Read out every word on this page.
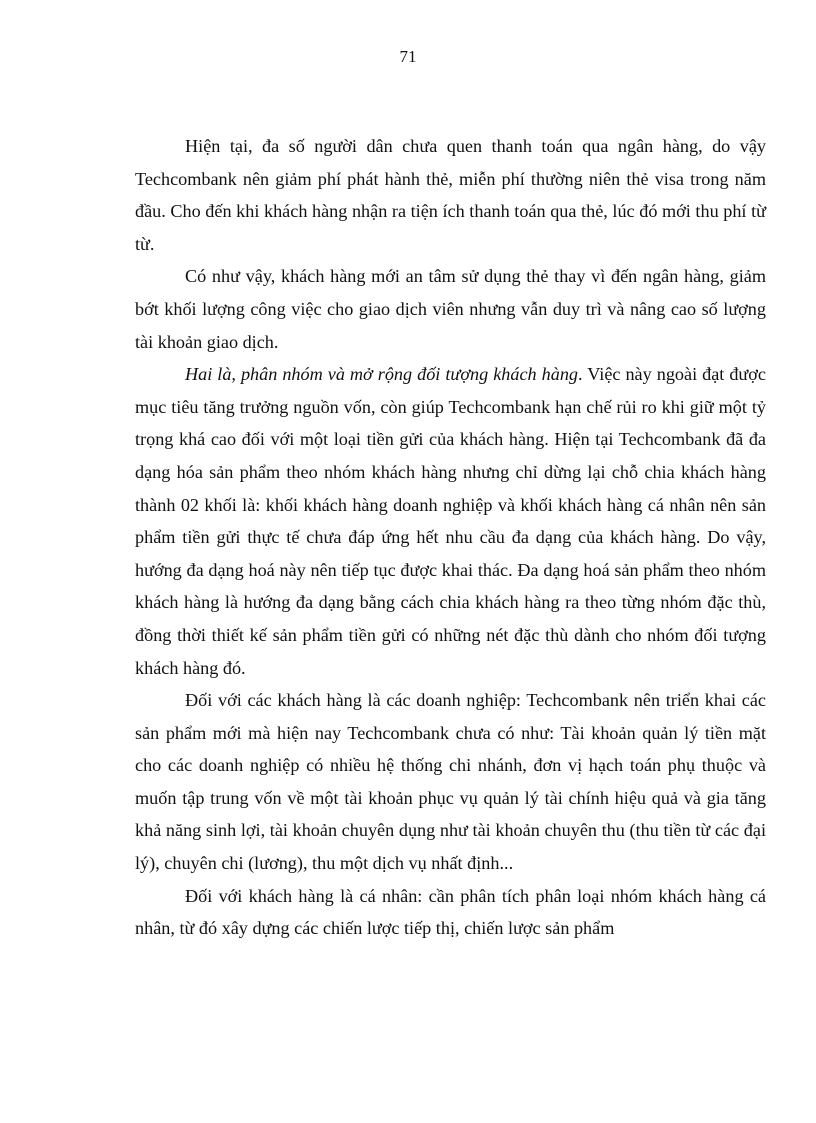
71

Hiện tại, đa số người dân chưa quen thanh toán qua ngân hàng, do vậy Techcombank nên giảm phí phát hành thẻ, miễn phí thường niên thẻ visa trong năm đầu. Cho đến khi khách hàng nhận ra tiện ích thanh toán qua thẻ, lúc đó mới thu phí từ từ.

Có như vậy, khách hàng mới an tâm sử dụng thẻ thay vì đến ngân hàng, giảm bớt khối lượng công việc cho giao dịch viên nhưng vẫn duy trì và nâng cao số lượng tài khoản giao dịch.

Hai là, phân nhóm và mở rộng đối tượng khách hàng. Việc này ngoài đạt được mục tiêu tăng trưởng nguồn vốn, còn giúp Techcombank hạn chế rủi ro khi giữ một tỷ trọng khá cao đối với một loại tiền gửi của khách hàng. Hiện tại Techcombank đã đa dạng hóa sản phẩm theo nhóm khách hàng nhưng chỉ dừng lại chỗ chia khách hàng thành 02 khối là: khối khách hàng doanh nghiệp và khối khách hàng cá nhân nên sản phẩm tiền gửi thực tế chưa đáp ứng hết nhu cầu đa dạng của khách hàng. Do vậy, hướng đa dạng hoá này nên tiếp tục được khai thác. Đa dạng hoá sản phẩm theo nhóm khách hàng là hướng đa dạng bằng cách chia khách hàng ra theo từng nhóm đặc thù, đồng thời thiết kế sản phẩm tiền gửi có những nét đặc thù dành cho nhóm đối tượng khách hàng đó.

Đối với các khách hàng là các doanh nghiệp: Techcombank nên triển khai các sản phẩm mới mà hiện nay Techcombank chưa có như: Tài khoản quản lý tiền mặt cho các doanh nghiệp có nhiều hệ thống chi nhánh, đơn vị hạch toán phụ thuộc và muốn tập trung vốn về một tài khoản phục vụ quản lý tài chính hiệu quả và gia tăng khả năng sinh lợi, tài khoản chuyên dụng như tài khoản chuyên thu (thu tiền từ các đại lý), chuyên chi (lương), thu một dịch vụ nhất định...

Đối với khách hàng là cá nhân: cần phân tích phân loại nhóm khách hàng cá nhân, từ đó xây dựng các chiến lược tiếp thị, chiến lược sản phẩm
